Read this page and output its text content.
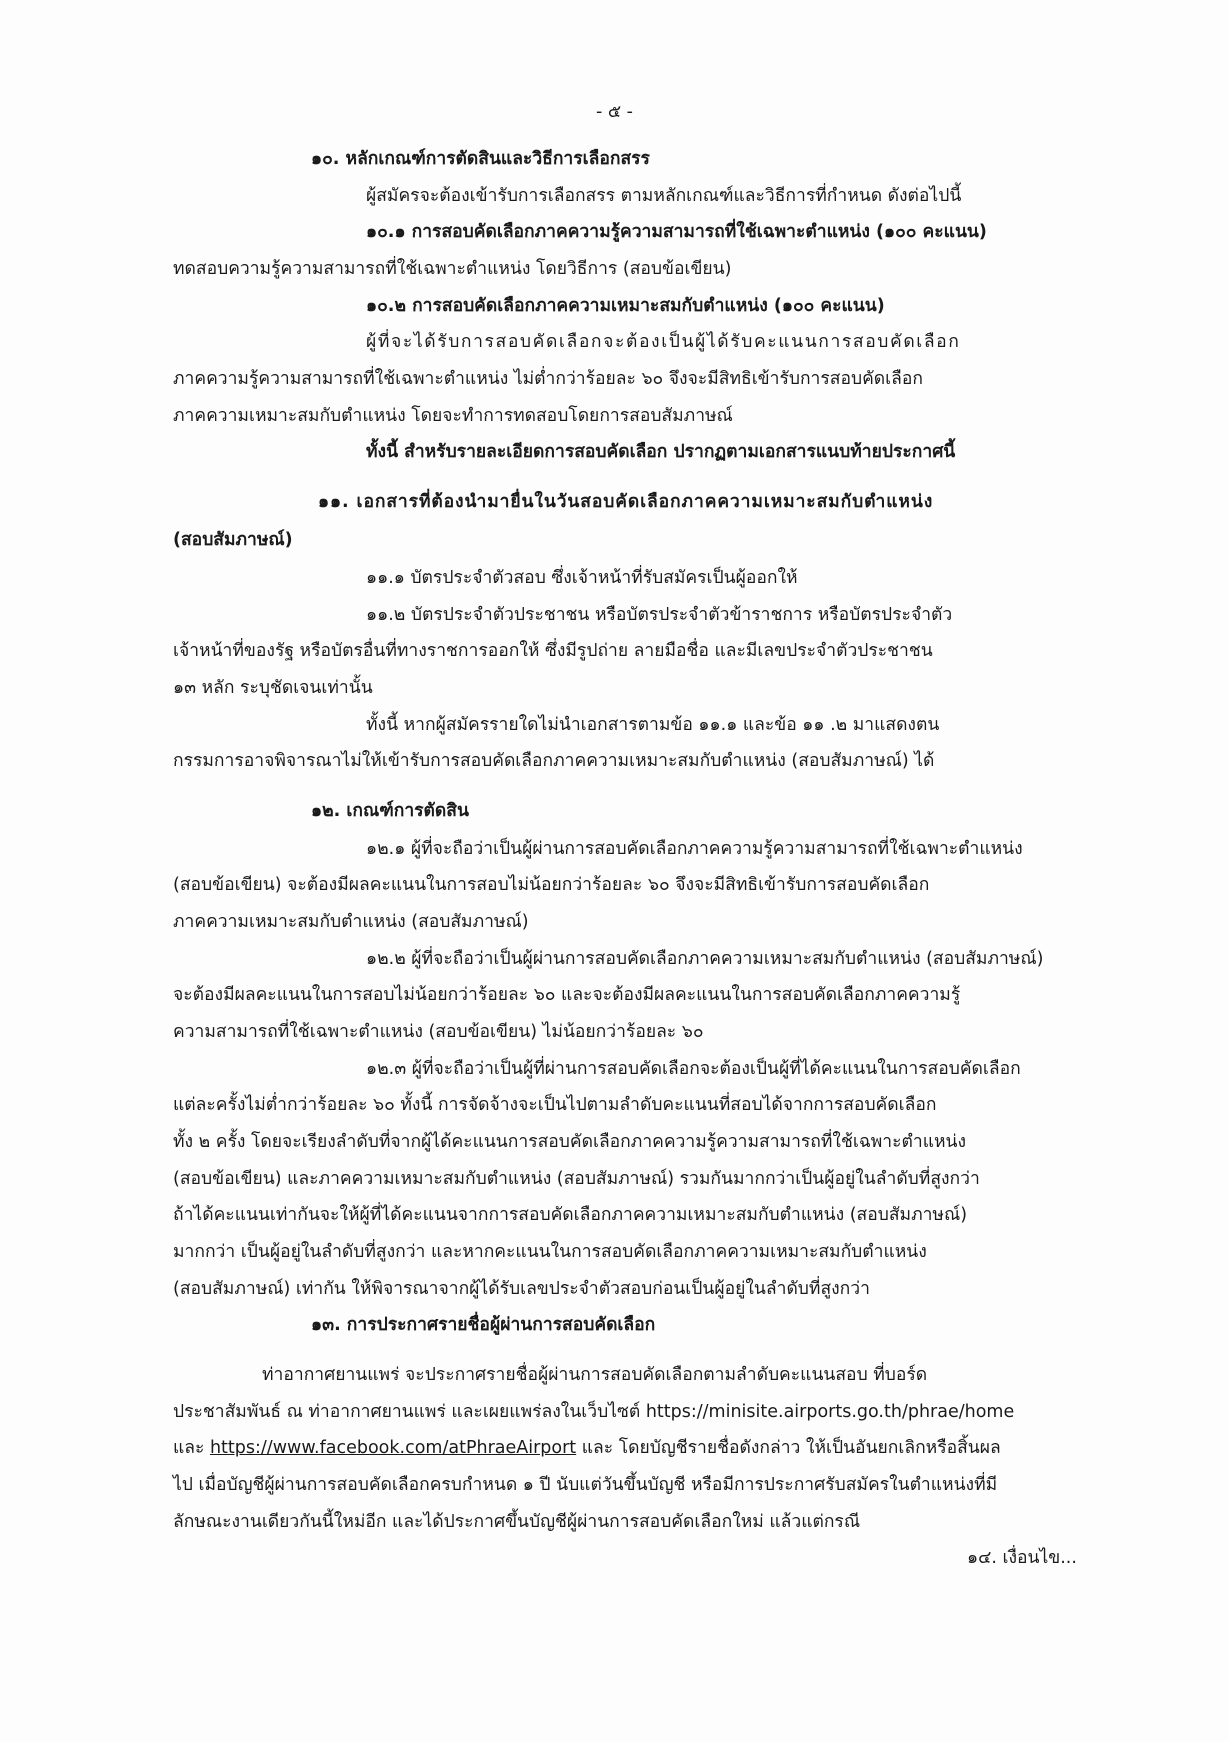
- ๕ -
๑๐. หลักเกณฑ์การตัดสินและวิธีการเลือกสรร
ผู้สมัครจะต้องเข้ารับการเลือกสรร ตามหลักเกณฑ์และวิธีการที่กำหนด ดังต่อไปนี้
๑๐.๑ การสอบคัดเลือกภาคความรู้ความสามารถที่ใช้เฉพาะตำแหน่ง (๑๐๐ คะแนน)
ทดสอบความรู้ความสามารถที่ใช้เฉพาะตำแหน่ง โดยวิธีการ (สอบข้อเขียน)
๑๐.๒ การสอบคัดเลือกภาคความเหมาะสมกับตำแหน่ง (๑๐๐ คะแนน)
ผู้ที่จะได้รับการสอบคัดเลือกจะต้องเป็นผู้ได้รับคะแนนการสอบคัดเลือก
ภาคความรู้ความสามารถที่ใช้เฉพาะตำแหน่ง ไม่ต่ำกว่าร้อยละ ๖๐ จึงจะมีสิทธิเข้ารับการสอบคัดเลือก
ภาคความเหมาะสมกับตำแหน่ง โดยจะทำการทดสอบโดยการสอบสัมภาษณ์
ทั้งนี้ สำหรับรายละเอียดการสอบคัดเลือก ปรากฏตามเอกสารแนบท้ายประกาศนี้
๑๑. เอกสารที่ต้องนำมายื่นในวันสอบคัดเลือกภาคความเหมาะสมกับตำแหน่ง
(สอบสัมภาษณ์)
๑๑.๑ บัตรประจำตัวสอบ ซึ่งเจ้าหน้าที่รับสมัครเป็นผู้ออกให้
๑๑.๒ บัตรประจำตัวประชาชน หรือบัตรประจำตัวข้าราชการ หรือบัตรประจำตัว
เจ้าหน้าที่ของรัฐ หรือบัตรอื่นที่ทางราชการออกให้ ซึ่งมีรูปถ่าย ลายมือชื่อ และมีเลขประจำตัวประชาชน
๑๓ หลัก ระบุชัดเจนเท่านั้น
ทั้งนี้ หากผู้สมัครรายใดไม่นำเอกสารตามข้อ ๑๑.๑ และข้อ ๑๑ .๒ มาแสดงตน
กรรมการอาจพิจารณาไม่ให้เข้ารับการสอบคัดเลือกภาคความเหมาะสมกับตำแหน่ง (สอบสัมภาษณ์) ได้
๑๒. เกณฑ์การตัดสิน
๑๒.๑ ผู้ที่จะถือว่าเป็นผู้ผ่านการสอบคัดเลือกภาคความรู้ความสามารถที่ใช้เฉพาะตำแหน่ง
(สอบข้อเขียน) จะต้องมีผลคะแนนในการสอบไม่น้อยกว่าร้อยละ ๖๐ จึงจะมีสิทธิเข้ารับการสอบคัดเลือก
ภาคความเหมาะสมกับตำแหน่ง (สอบสัมภาษณ์)
๑๒.๒ ผู้ที่จะถือว่าเป็นผู้ผ่านการสอบคัดเลือกภาคความเหมาะสมกับตำแหน่ง (สอบสัมภาษณ์)
จะต้องมีผลคะแนนในการสอบไม่น้อยกว่าร้อยละ ๖๐ และจะต้องมีผลคะแนนในการสอบคัดเลือกภาคความรู้
ความสามารถที่ใช้เฉพาะตำแหน่ง (สอบข้อเขียน) ไม่น้อยกว่าร้อยละ ๖๐
๑๒.๓ ผู้ที่จะถือว่าเป็นผู้ที่ผ่านการสอบคัดเลือกจะต้องเป็นผู้ที่ได้คะแนนในการสอบคัดเลือก
แต่ละครั้งไม่ต่ำกว่าร้อยละ ๖๐ ทั้งนี้ การจัดจ้างจะเป็นไปตามลำดับคะแนนที่สอบได้จากการสอบคัดเลือก
ทั้ง ๒ ครั้ง โดยจะเรียงลำดับที่จากผู้ได้คะแนนการสอบคัดเลือกภาคความรู้ความสามารถที่ใช้เฉพาะตำแหน่ง
(สอบข้อเขียน) และภาคความเหมาะสมกับตำแหน่ง (สอบสัมภาษณ์) รวมกันมากกว่าเป็นผู้อยู่ในลำดับที่สูงกว่า
ถ้าได้คะแนนเท่ากันจะให้ผู้ที่ได้คะแนนจากการสอบคัดเลือกภาคความเหมาะสมกับตำแหน่ง (สอบสัมภาษณ์)
มากกว่า เป็นผู้อยู่ในลำดับที่สูงกว่า และหากคะแนนในการสอบคัดเลือกภาคความเหมาะสมกับตำแหน่ง
(สอบสัมภาษณ์) เท่ากัน ให้พิจารณาจากผู้ได้รับเลขประจำตัวสอบก่อนเป็นผู้อยู่ในลำดับที่สูงกว่า
๑๓. การประกาศรายชื่อผู้ผ่านการสอบคัดเลือก
ท่าอากาศยานแพร่ จะประกาศรายชื่อผู้ผ่านการสอบคัดเลือกตามลำดับคะแนนสอบ ที่บอร์ด
ประชาสัมพันธ์ ณ ท่าอากาศยานแพร่ และเผยแพร่ลงในเว็บไซต์ https://minisite.airports.go.th/phrae/home
และ https://www.facebook.com/atPhraeAirport และ โดยบัญชีรายชื่อดังกล่าว ให้เป็นอันยกเลิกหรือสิ้นผล
ไป เมื่อบัญชีผู้ผ่านการสอบคัดเลือกครบกำหนด ๑ ปี นับแต่วันขึ้นบัญชี หรือมีการประกาศรับสมัครในตำแหน่งที่มี
ลักษณะงานเดียวกันนี้ใหม่อีก และได้ประกาศขึ้นบัญชีผู้ผ่านการสอบคัดเลือกใหม่ แล้วแต่กรณี
๑๔. เงื่อนไข...
